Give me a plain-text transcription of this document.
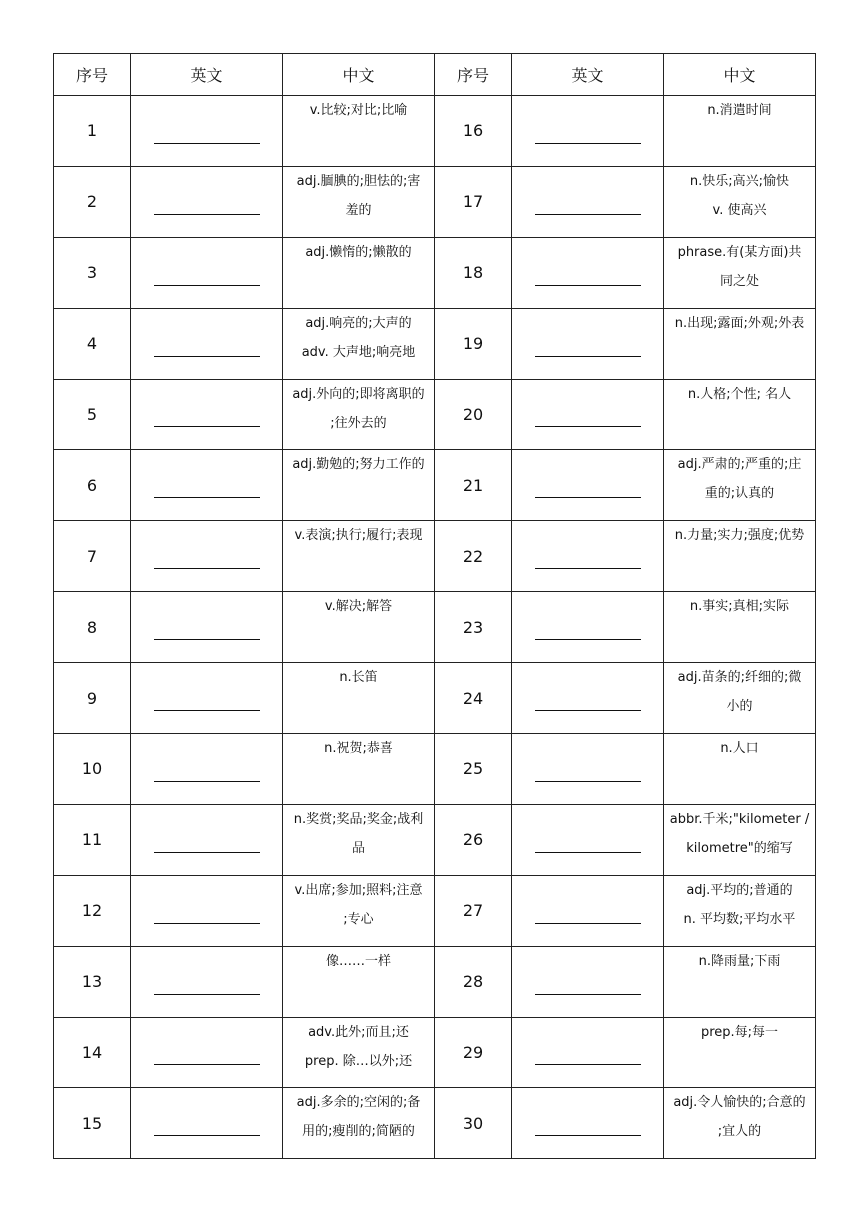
序号	英文	中文	序号	英文	中文
1		v.比较;对比;比喻	16		n.消遣时间

2		adj.腼腆的;胆怯的;害
羞的	17		n.快乐;高兴;愉快
v. 使高兴

3		adj.懒惰的;懒散的	18		phrase.有(某方面)共
同之处

4		adj.响亮的;大声的
adv. 大声地;响亮地	19		n.出现;露面;外观;外表

5		adj.外向的;即将离职的
;往外去的	20		n.人格;个性; 名人

6		adj.勤勉的;努力工作的	21		adj.严肃的;严重的;庄
重的;认真的

7		v.表演;执行;履行;表现	22		n.力量;实力;强度;优势

8		v.解决;解答	23		n.事实;真相;实际

9		n.长笛	24		adj.苗条的;纤细的;微
小的

10		n.祝贺;恭喜	25		n.人口

11		n.奖赏;奖品;奖金;战利
品	26		abbr.千米;"kilometer /
kilometre"的缩写

12		v.出席;参加;照料;注意
;专心	27		adj.平均的;普通的
n. 平均数;平均水平

13		像……一样	28		n.降雨量;下雨

14		adv.此外;而且;还
prep. 除…以外;还	29		prep.每;每一

15		adj.多余的;空闲的;备
用的;瘦削的;简陋的	30		adj.令人愉快的;合意的
;宜人的
